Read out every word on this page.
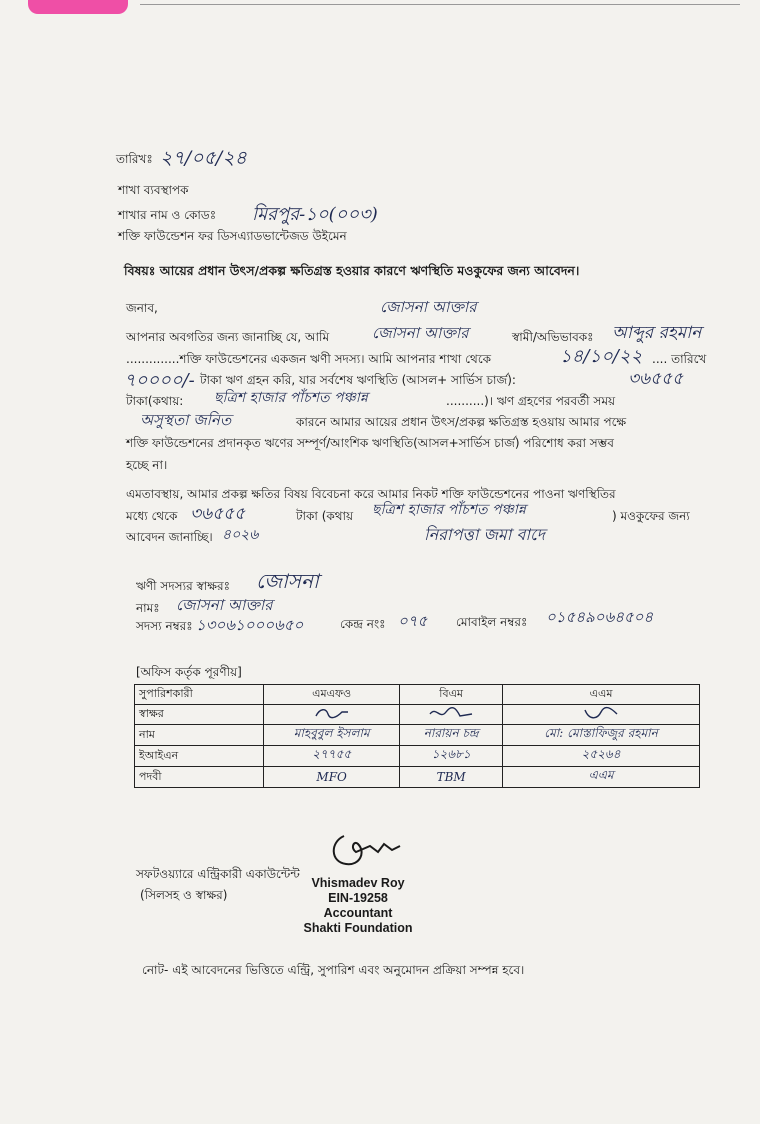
তারিখঃ ২৭/০৫/২৪
শাখা ব্যবস্থাপক
শাখার নাম ও কোডঃ মিরপুর-১০(০০৩)
শক্তি ফাউন্ডেশন ফর ডিসএ্যাডভান্টেজড উইমেন
বিষয়ঃ আয়ের প্রধান উৎস/প্রকল্প ক্ষতিগ্রস্ত হওয়ার কারণে ঋণস্থিতি মওকুফের জন্য আবেদন।
জনাব,	জোসনা আক্তার
আপনার অবগতির জন্য জানাচ্ছি যে, আমি	জোসনা আক্তার	স্বামী/অভিভাবকঃ আব্দুর রহমান
..............শক্তি ফাউন্ডেশনের একজন ঋণী সদস্য। আমি আপনার শাখা থেকে	১৪/১০/২২ .... তারিখে
৭০০০০/- টাকা ঋণ গ্রহন করি, যার সর্বশেষ ঋণস্থিতি (আসল+ সার্ভিস চার্জ):	৩৬৫৫৫
টাকা(কথায়: ছত্রিশ হাজার পাঁচশত পঞ্চান্ন	..........)। ঋণ গ্রহণের পরবর্তী সময়
অসুস্থতা জনিত	কারনে আমার আয়ের প্রধান উৎস/প্রকল্প ক্ষতিগ্রস্ত হওয়ায় আমার পক্ষে
শক্তি ফাউন্ডেশনের প্রদানকৃত ঋণের সম্পূর্ণ/আংশিক ঋণস্থিতি(আসল+সার্ভিস চার্জ) পরিশোধ করা সম্ভব
হচ্ছে না।
এমতাবস্থায়, আমার প্রকল্প ক্ষতির বিষয় বিবেচনা করে আমার নিকট শক্তি ফাউন্ডেশনের পাওনা ঋণস্থিতির
মধ্যে থেকে ৩৬৫৫৫	টাকা (কথায় ছত্রিশ হাজার পাঁচশত পঞ্চান্ন	) মওকুফের জন্য
আবেদন জানাচ্ছি। ৪০২৬	নিরাপত্তা জমা বাদে
ঋণী সদস্যর স্বাক্ষরঃ জোসনা
নামঃ জোসনা আক্তার
সদস্য নম্বরঃ ১৩০৬১০০০৬৫০	কেন্দ্র নংঃ ০৭৫ মোবাইল নম্বরঃ ০১৫৪৯০৬৪৫০৪
[অফিস কর্তৃক পূরণীয়]
সুপারিশকারী	এমএফও	বিএম	এএম
স্বাক্ষর			
নাম	মাহবুবুল ইসলাম	নারায়ন চন্দ্র	মো: মোস্তাফিজুর রহমান
ইআইএন	২৭৭৫৫	১২৬৮১	২৫২৬৪
পদবী	MFO	TBM	এএম
সফটওয়্যারে এন্ট্রিকারী একাউন্টেন্ট
(সিলসহ ও স্বাক্ষর)
Vhismadev Roy
EIN-19258
Accountant
Shakti Foundation
নোট- এই আবেদনের ভিত্তিতে এন্ট্রি, সুপারিশ এবং অনুমোদন প্রক্রিয়া সম্পন্ন হবে।
